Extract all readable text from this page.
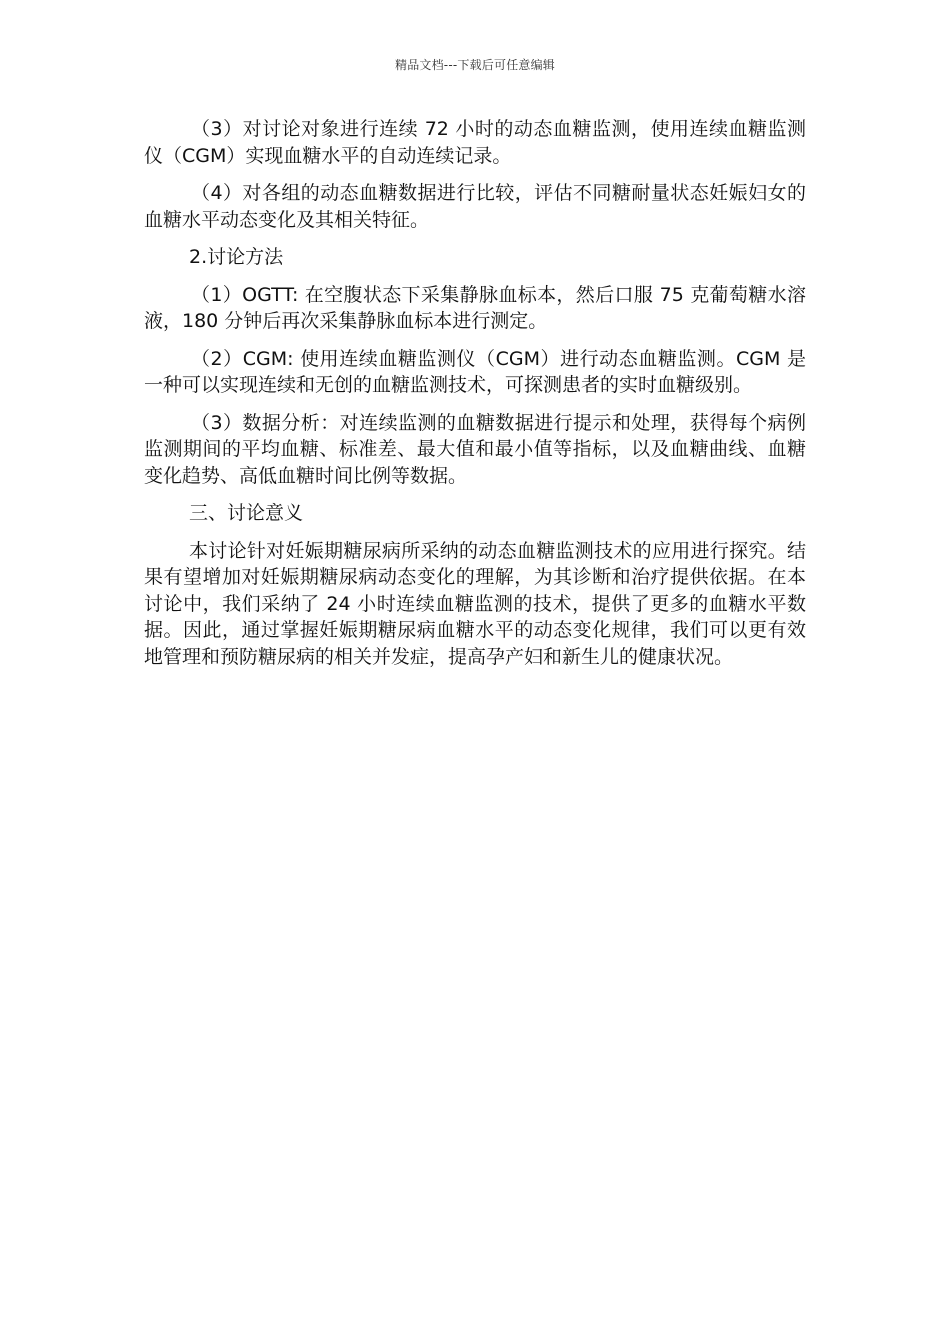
精品文档---下载后可任意编辑

（3）对讨论对象进行连续 72 小时的动态血糖监测，使用连续血糖监测仪（CGM）实现血糖水平的自动连续记录。

（4）对各组的动态血糖数据进行比较，评估不同糖耐量状态妊娠妇女的血糖水平动态变化及其相关特征。

2.讨论方法

（1）OGTT: 在空腹状态下采集静脉血标本，然后口服 75 克葡萄糖水溶液，180 分钟后再次采集静脉血标本进行测定。

（2）CGM: 使用连续血糖监测仪（CGM）进行动态血糖监测。CGM 是一种可以实现连续和无创的血糖监测技术，可探测患者的实时血糖级别。

（3）数据分析：对连续监测的血糖数据进行提示和处理，获得每个病例监测期间的平均血糖、标准差、最大值和最小值等指标，以及血糖曲线、血糖变化趋势、高低血糖时间比例等数据。

三、讨论意义

本讨论针对妊娠期糖尿病所采纳的动态血糖监测技术的应用进行探究。结果有望增加对妊娠期糖尿病动态变化的理解，为其诊断和治疗提供依据。在本讨论中，我们采纳了 24 小时连续血糖监测的技术，提供了更多的血糖水平数据。因此，通过掌握妊娠期糖尿病血糖水平的动态变化规律，我们可以更有效地管理和预防糖尿病的相关并发症，提高孕产妇和新生儿的健康状况。
